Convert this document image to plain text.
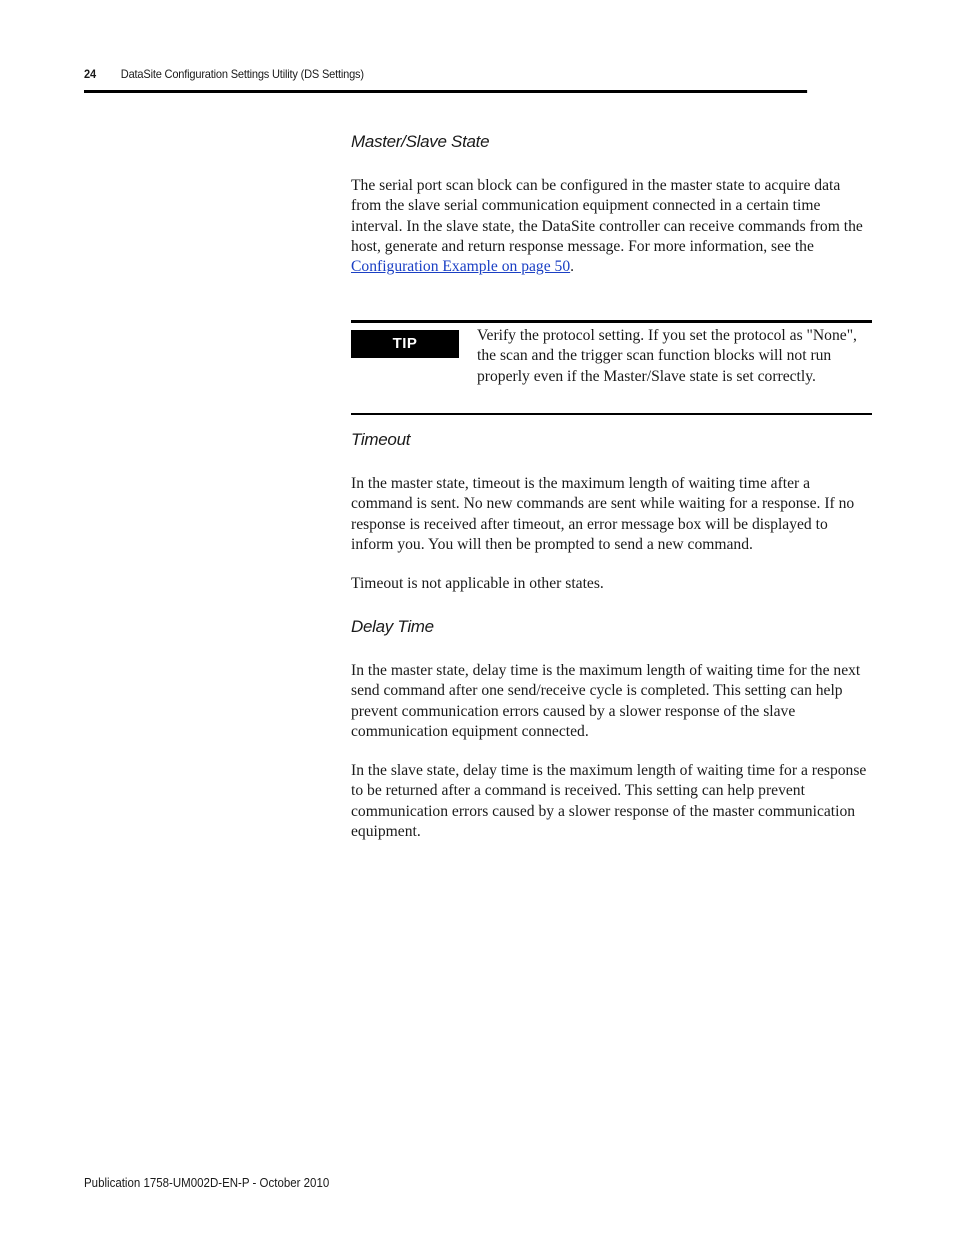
24 DataSite Configuration Settings Utility (DS Settings)
Master/Slave State

The serial port scan block can be configured in the master state to acquire data from the slave serial communication equipment connected in a certain time interval. In the slave state, the DataSite controller can receive commands from the host, generate and return response message. For more information, see the Configuration Example on page 50.

TIP	Verify the protocol setting. If you set the protocol as "None", the scan and the trigger scan function blocks will not run properly even if the Master/Slave state is set correctly.
Timeout

In the master state, timeout is the maximum length of waiting time after a command is sent. No new commands are sent while waiting for a response. If no response is received after timeout, an error message box will be displayed to inform you. You will then be prompted to send a new command.

Timeout is not applicable in other states.

Delay Time

In the master state, delay time is the maximum length of waiting time for the next send command after one send/receive cycle is completed. This setting can help prevent communication errors caused by a slower response of the slave communication equipment connected.

In the slave state, delay time is the maximum length of waiting time for a response to be returned after a command is received. This setting can help prevent communication errors caused by a slower response of the master communication equipment.

Publication 1758-UM002D-EN-P - October 2010
